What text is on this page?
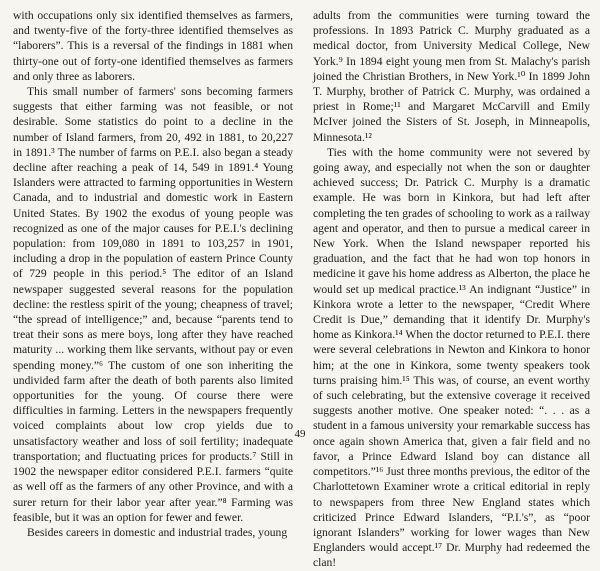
with occupations only six identified themselves as farmers, and twenty-five of the forty-three identified themselves as “laborers”. This is a reversal of the findings in 1881 when thirty-one out of forty-one identified themselves as farmers and only three as laborers.

This small number of farmers' sons becoming farmers suggests that either farming was not feasible, or not desirable. Some statistics do point to a decline in the number of Island farmers, from 20, 492 in 1881, to 20,227 in 1891.³ The number of farms on P.E.I. also began a steady decline after reaching a peak of 14, 549 in 1891.⁴ Young Islanders were attracted to farming opportunities in Western Canada, and to industrial and domestic work in Eastern United States. By 1902 the exodus of young people was recognized as one of the major causes for P.E.I.'s declining population: from 109,080 in 1891 to 103,257 in 1901, including a drop in the population of eastern Prince County of 729 people in this period.⁵ The editor of an Island newspaper suggested several reasons for the population decline: the restless spirit of the young; cheapness of travel; “the spread of intelligence;” and, because “parents tend to treat their sons as mere boys, long after they have reached maturity ... working them like servants, without pay or even spending money.”⁶ The custom of one son inheriting the undivided farm after the death of both parents also limited opportunities for the young. Of course there were difficulties in farming. Letters in the newspapers frequently voiced complaints about low crop yields due to unsatisfactory weather and loss of soil fertility; inadequate transportation; and fluctuating prices for products.⁷ Still in 1902 the newspaper editor considered P.E.I. farmers “quite as well off as the farmers of any other Province, and with a surer return for their labor year after year.”⁸ Farming was feasible, but it was an option for fewer and fewer.

Besides careers in domestic and industrial trades, young

adults from the communities were turning toward the professions. In 1893 Patrick C. Murphy graduated as a medical doctor, from University Medical College, New York.⁹ In 1894 eight young men from St. Malachy's parish joined the Christian Brothers, in New York.¹⁰ In 1899 John T. Murphy, brother of Patrick C. Murphy, was ordained a priest in Rome;¹¹ and Margaret McCarvill and Emily McIver joined the Sisters of St. Joseph, in Minneapolis, Minnesota.¹²

Ties with the home community were not severed by going away, and especially not when the son or daughter achieved success; Dr. Patrick C. Murphy is a dramatic example. He was born in Kinkora, but had left after completing the ten grades of schooling to work as a railway agent and operator, and then to pursue a medical career in New York. When the Island newspaper reported his graduation, and the fact that he had won top honors in medicine it gave his home address as Alberton, the place he would set up medical practice.¹³ An indignant “Justice” in Kinkora wrote a letter to the newspaper, “Credit Where Credit is Due,” demanding that it identify Dr. Murphy's home as Kinkora.¹⁴ When the doctor returned to P.E.I. there were several celebrations in Newton and Kinkora to honor him; at the one in Kinkora, some twenty speakers took turns praising him.¹⁵ This was, of course, an event worthy of such celebrating, but the extensive coverage it received suggests another motive. One speaker noted: “. . . as a student in a famous university your remarkable success has once again shown America that, given a fair field and no favor, a Prince Edward Island boy can distance all competitors.”¹⁶ Just three months previous, the editor of the Charlottetown Examiner wrote a critical editorial in reply to newspapers from three New England states which criticized Prince Edward Islanders, “P.I.'s”, as “poor ignorant Islanders” working for lower wages than New Englanders would accept.¹⁷ Dr. Murphy had redeemed the clan!

49
